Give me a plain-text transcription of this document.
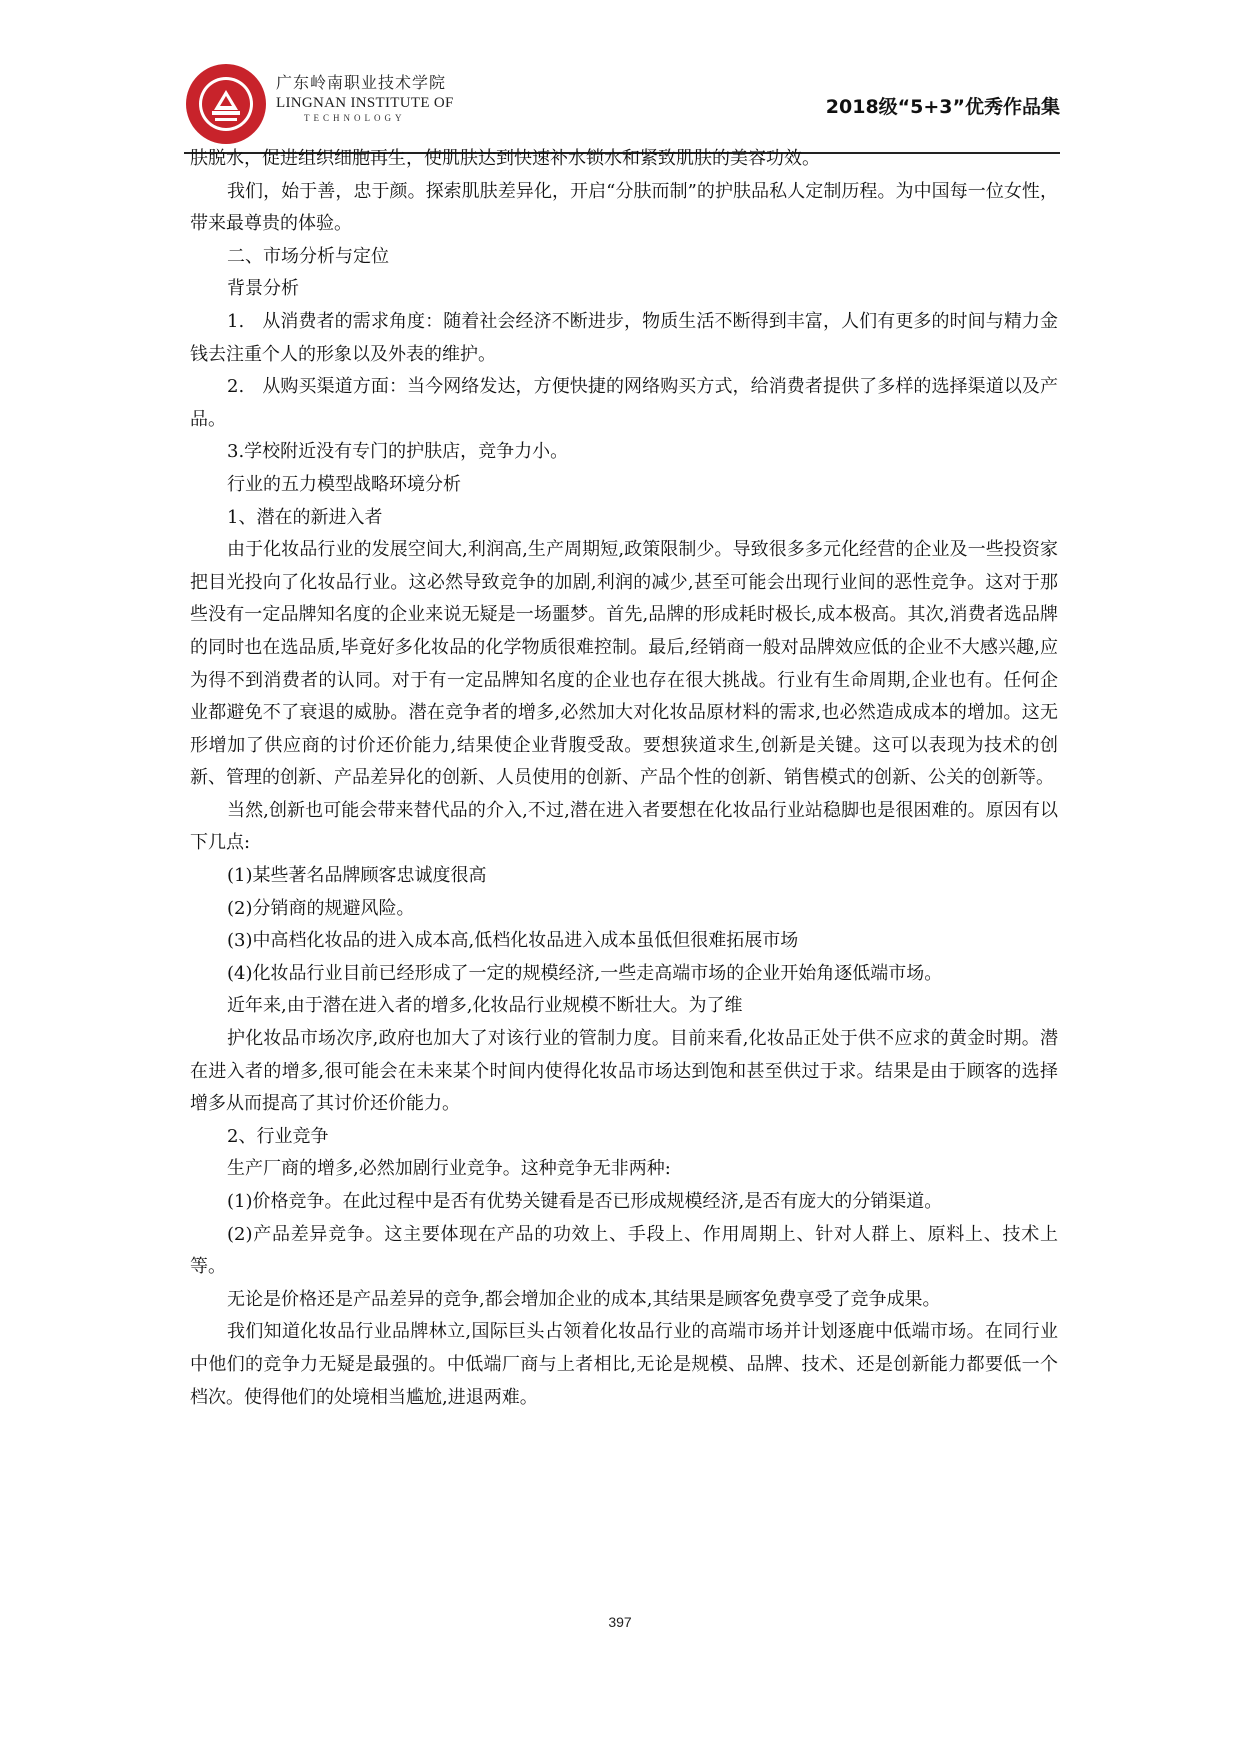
广东岭南职业技术学院
LINGNAN INSTITUTE OF
TECHNOLOGY	2018级“5+3”优秀作品集

肤脱水，促进组织细胞再生，使肌肤达到快速补水锁水和紧致肌肤的美容功效。

我们，始于善，忠于颜。探索肌肤差异化，开启“分肤而制”的护肤品私人定制历程。为中国每一位女性，带来最尊贵的体验。

二、市场分析与定位

背景分析

1.　从消费者的需求角度：随着社会经济不断进步，物质生活不断得到丰富，人们有更多的时间与精力金钱去注重个人的形象以及外表的维护。

2.　从购买渠道方面：当今网络发达，方便快捷的网络购买方式，给消费者提供了多样的选择渠道以及产品。

3.学校附近没有专门的护肤店，竞争力小。

行业的五力模型战略环境分析

1、潜在的新进入者

由于化妆品行业的发展空间大,利润高,生产周期短,政策限制少。导致很多多元化经营的企业及一些投资家把目光投向了化妆品行业。这必然导致竞争的加剧,利润的减少,甚至可能会出现行业间的恶性竞争。这对于那些没有一定品牌知名度的企业来说无疑是一场噩梦。首先,品牌的形成耗时极长,成本极高。其次,消费者选品牌的同时也在选品质,毕竟好多化妆品的化学物质很难控制。最后,经销商一般对品牌效应低的企业不大感兴趣,应为得不到消费者的认同。对于有一定品牌知名度的企业也存在很大挑战。行业有生命周期,企业也有。任何企业都避免不了衰退的威胁。潜在竞争者的增多,必然加大对化妆品原材料的需求,也必然造成成本的增加。这无形增加了供应商的讨价还价能力,结果使企业背腹受敌。要想狭道求生,创新是关键。这可以表现为技术的创新、管理的创新、产品差异化的创新、人员使用的创新、产品个性的创新、销售模式的创新、公关的创新等。

当然,创新也可能会带来替代品的介入,不过,潜在进入者要想在化妆品行业站稳脚也是很困难的。原因有以下几点:

(1)某些著名品牌顾客忠诚度很高

(2)分销商的规避风险。

(3)中高档化妆品的进入成本高,低档化妆品进入成本虽低但很难拓展市场

(4)化妆品行业目前已经形成了一定的规模经济,一些走高端市场的企业开始角逐低端市场。

近年来,由于潜在进入者的增多,化妆品行业规模不断壮大。为了维

护化妆品市场次序,政府也加大了对该行业的管制力度。目前来看,化妆品正处于供不应求的黄金时期。潜在进入者的增多,很可能会在未来某个时间内使得化妆品市场达到饱和甚至供过于求。结果是由于顾客的选择增多从而提高了其讨价还价能力。

2、行业竞争

生产厂商的增多,必然加剧行业竞争。这种竞争无非两种:

(1)价格竞争。在此过程中是否有优势关键看是否已形成规模经济,是否有庞大的分销渠道。

(2)产品差异竞争。这主要体现在产品的功效上、手段上、作用周期上、针对人群上、原料上、技术上等。

无论是价格还是产品差异的竞争,都会增加企业的成本,其结果是顾客免费享受了竞争成果。

我们知道化妆品行业品牌林立,国际巨头占领着化妆品行业的高端市场并计划逐鹿中低端市场。在同行业中他们的竞争力无疑是最强的。中低端厂商与上者相比,无论是规模、品牌、技术、还是创新能力都要低一个档次。使得他们的处境相当尴尬,进退两难。

397
